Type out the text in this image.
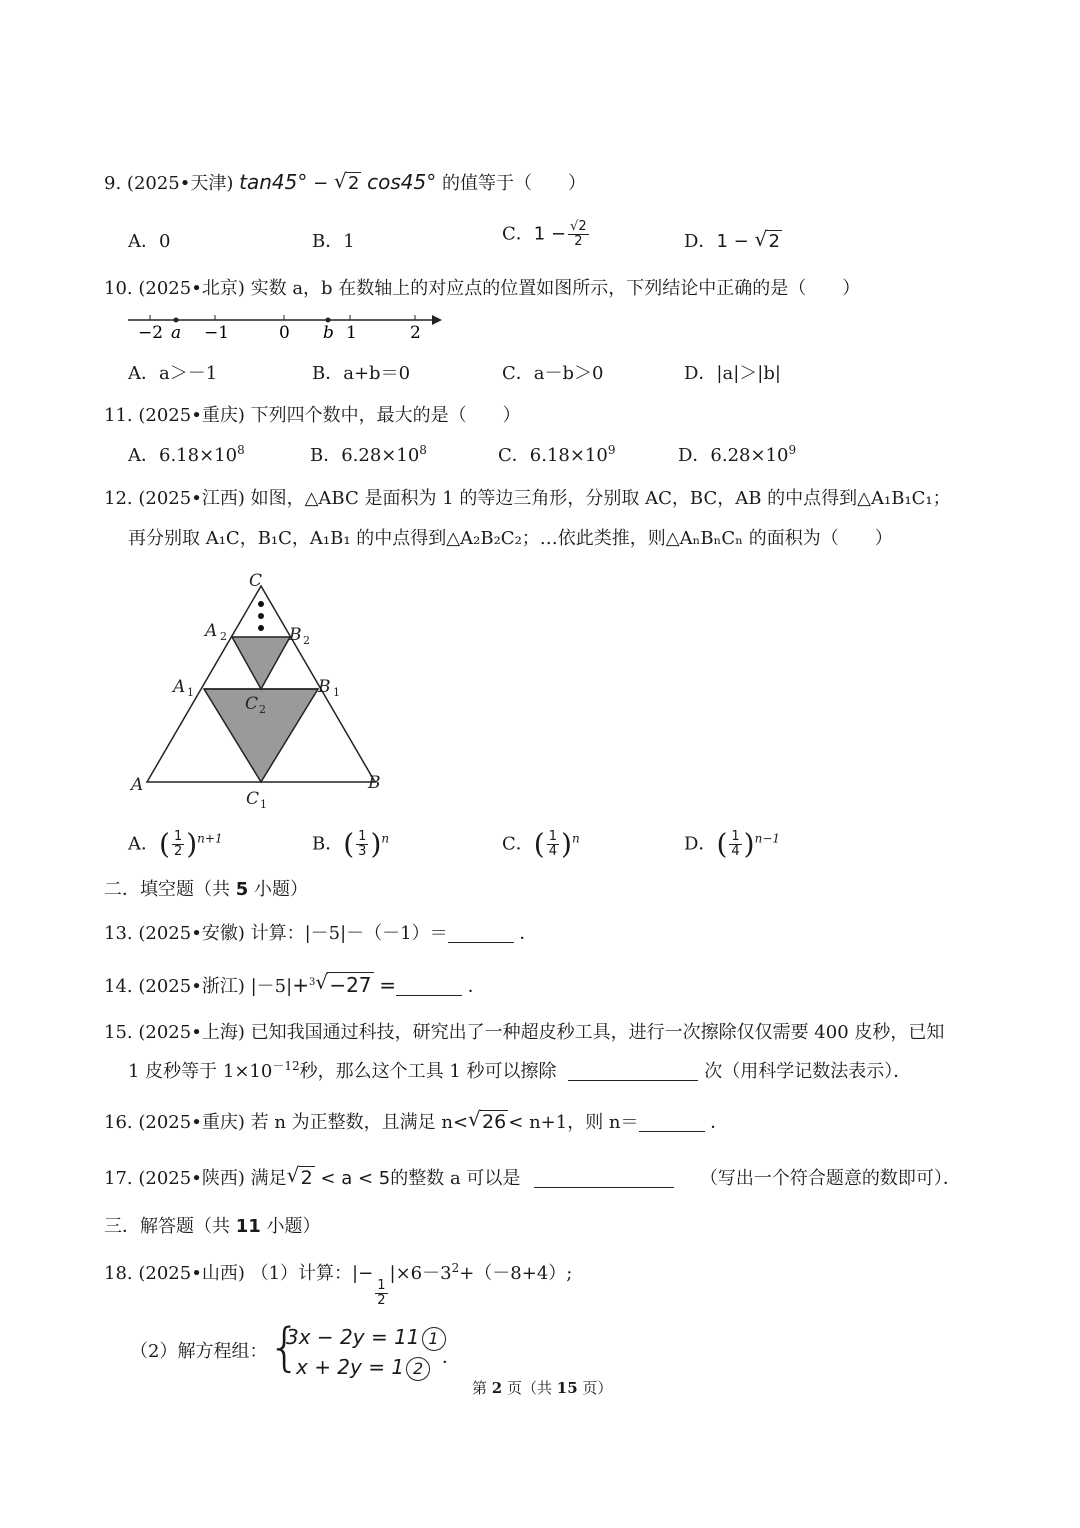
9. (2025•天津) tan45° − √ 2 cos45° 的值等于（　　）
A．0	B．1	C．$1 - \frac{√2}{2}$	D．1 − √ 2
10. (2025•北京) 实数 a，b 在数轴上的对应点的位置如图所示，下列结论中正确的是（　　）
−2 a −1	0 b 1	2
A．a＞－1	B．a+b＝0	C．a－b＞0	D．|a|＞|b|
11. (2025•重庆) 下列四个数中，最大的是（　　）
A．$6.18\times 10^8$	B．$6.28\times 10^8$	C．$6.18\times 10^9$	D．$6.28\times 10^9$
12. (2025•江西) 如图，△ABC 是面积为 1 的等边三角形，分别取 AC，BC，AB 的中点得到△A₁B₁C₁；
再分别取 A₁C，B₁C，A₁B₁ 的中点得到△A₂B₂C₂；…依此类推，则△AₙBₙCₙ 的面积为（　　）
C
A 2	B 2
A 1	B 1
C 2
A	B
C 1
A．( $\frac{1}{2} )^{n+1}$	B．( $\frac{1}{3} )^n$	C．( $\frac{1}{4} )^n$	D．( $\frac{1}{4} )^{n-1}$
二．填空题（共 5 小题）
13. (2025•安徽) 计算：|－5|－（－1）＝	．
14. (2025•浙江) |－5|+$^3$ √ −27 =	．
15. (2025•上海) 已知我国通过科技，研究出了一种超皮秒工具，进行一次擦除仅仅需要 400 皮秒，已知
1 皮秒等于 $1\times 10^{-12}$秒，那么这个工具 1 秒可以擦除	次（用科学记数法表示）．
16. (2025•重庆) 若 n 为正整数，且满足 n< √ 26 < n+1，则 n＝	．
17. (2025•陕西) 满足 √ 2 < a < 5的整数 a 可以是	（写出一个符合题意的数即可）．
三．解答题（共 11 小题）
18. (2025•山西) （1）计算：|−
$\frac{1}{2}$
$|\times 6-3^2+(-8+4)$;
（2）解方程组： {
3x − 2y = 11 1
x + 2y = 1 2
．
第 2 页（共 15 页）
